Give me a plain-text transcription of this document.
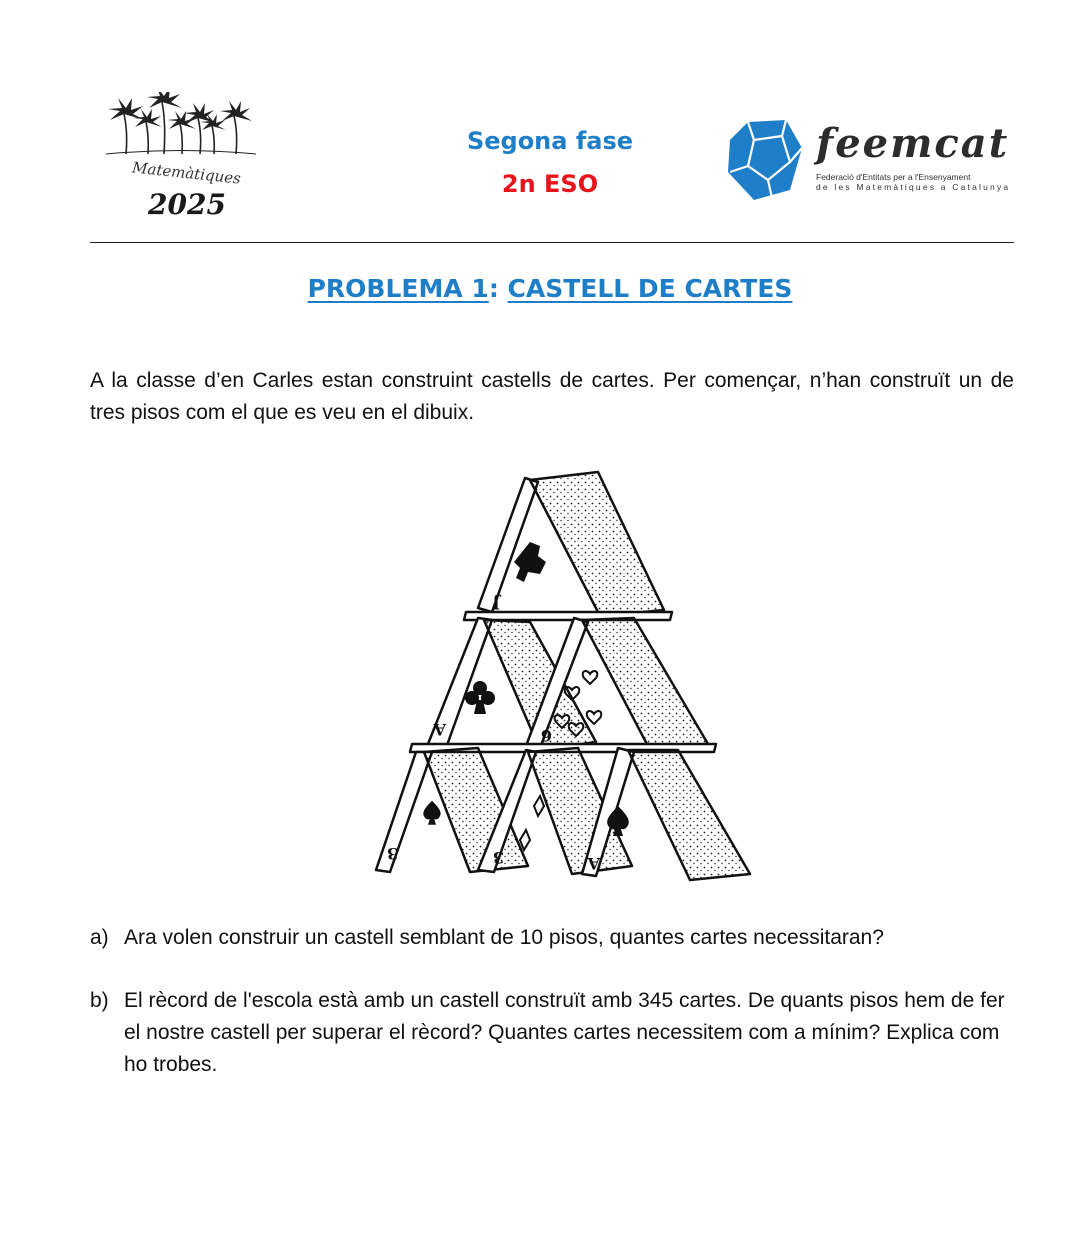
Matemàtiques
2025
Segona fase
2n ESO
feemcat
Federació d'Entitats per a l'Ensenyament
de les Matemàtiques a Catalunya
PROBLEMA 1: CASTELL DE CARTES
A la classe d’en Carles estan construint castells de cartes. Per començar, n’han construït un de tres pisos com el que es veu en el dibuix.
J
A	6
3	3	A
a) Ara volen construir un castell semblant de 10 pisos, quantes cartes necessitaran?
b) El rècord de l'escola està amb un castell construït amb 345 cartes. De quants pisos hem de fer el nostre castell per superar el rècord? Quantes cartes necessitem com a mínim? Explica com ho trobes.
